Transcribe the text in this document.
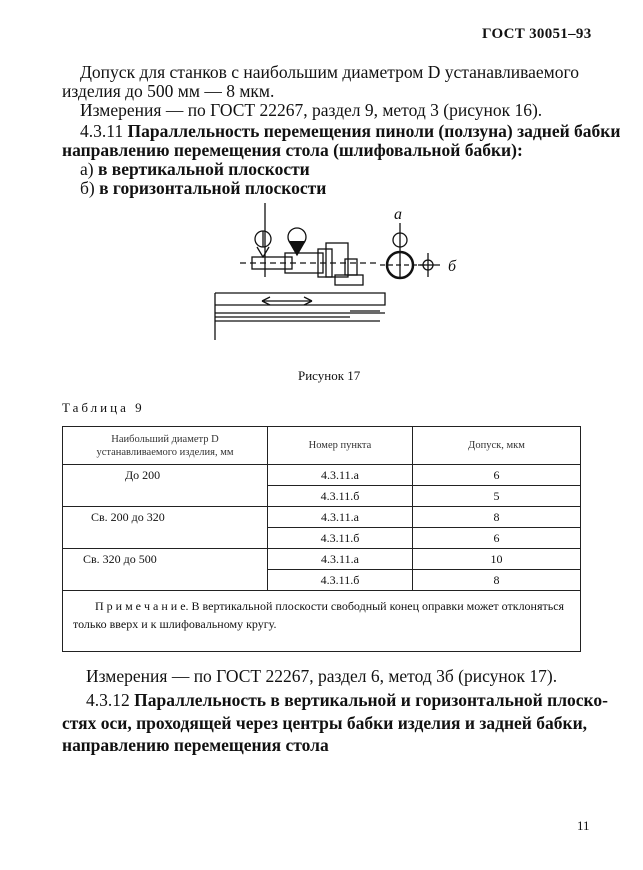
ГОСТ 30051–93
Допуск для станков с наибольшим диаметром D устанавливаемого
изделия до 500 мм — 8 мкм.
Измерения — по ГОСТ 22267, раздел 9, метод 3 (рисунок 16).
4.3.11 Параллельность перемещения пиноли (ползуна) задней бабки
направлению перемещения стола (шлифовальной бабки):
а) в вертикальной плоскости
б) в горизонтальной плоскости
а
б
Рисунок 17
Таблица 9
Наибольший диаметр D
устанавливаемого изделия, мм	Номер пункта	Допуск, мкм
До 200	4.3.11.а	6
	4.3.11.б	5
Св. 200 до 320	4.3.11.а	8
	4.3.11.б	6
Св. 320 до 500	4.3.11.а	10
	4.3.11.б	8
П р и м е ч а н и е. В вертикальной плоскости свободный конец оправки может отклоняться только вверх и к шлифовальному кругу.		
Измерения — по ГОСТ 22267, раздел 6, метод 3б (рисунок 17).
4.3.12 Параллельность в вертикальной и горизонтальной плоско-
стях оси, проходящей через центры бабки изделия и задней бабки,
направлению перемещения стола
11
